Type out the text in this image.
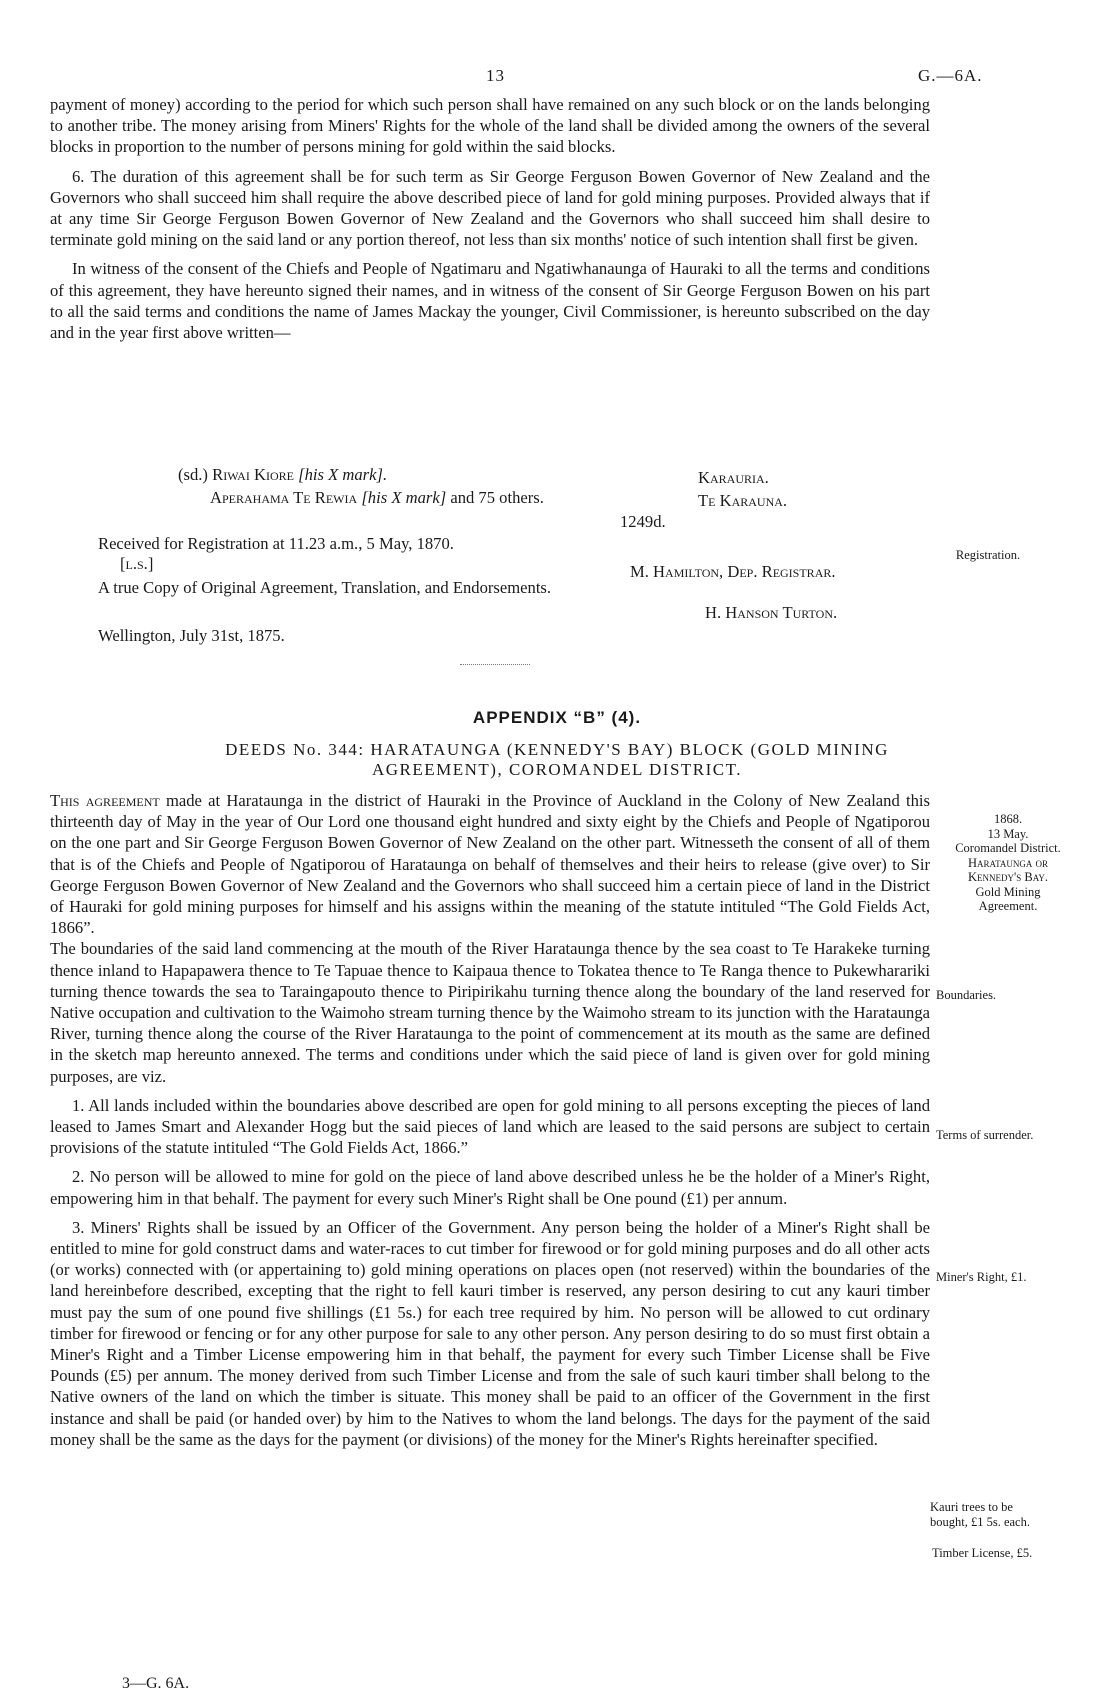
13	G.—6A.

payment of money) according to the period for which such person shall have remained on any such block or on the lands belonging to another tribe. The money arising from Miners' Rights for the whole of the land shall be divided among the owners of the several blocks in proportion to the number of persons mining for gold within the said blocks.

6. The duration of this agreement shall be for such term as Sir George Ferguson Bowen Governor of New Zealand and the Governors who shall succeed him shall require the above described piece of land for gold mining purposes. Provided always that if at any time Sir George Ferguson Bowen Governor of New Zealand and the Governors who shall succeed him shall desire to terminate gold mining on the said land or any portion thereof, not less than six months' notice of such intention shall first be given.

In witness of the consent of the Chiefs and People of Ngatimaru and Ngatiwhanaunga of Hauraki to all the terms and conditions of this agreement, they have hereunto signed their names, and in witness of the consent of Sir George Ferguson Bowen on his part to all the said terms and conditions the name of James Mackay the younger, Civil Commissioner, is hereunto subscribed on the day and in the year first above written—

(sd.) Riwai Kiore [his X mark].
Aperahama Te Rewia [his X mark] and 75 others.
Karauria.
Te Karauna.
1249d.
Received for Registration at 11.23 a.m., 5 May, 1870.
[l.s.]	M. Hamilton, Dep. Registrar.
A true Copy of Original Agreement, Translation, and Endorsements.
H. Hanson Turton.
Wellington, July 31st, 1875.
Registration.
APPENDIX “B” (4).
DEEDS No. 344: HARATAUNGA (KENNEDY'S BAY) BLOCK (GOLD MINING
AGREEMENT), COROMANDEL DISTRICT.

This agreement made at Harataunga in the district of Hauraki in the Province of Auckland in the Colony of New Zealand this thirteenth day of May in the year of Our Lord one thousand eight hundred and sixty eight by the Chiefs and People of Ngatiporou on the one part and Sir George Ferguson Bowen Governor of New Zealand on the other part. Witnesseth the consent of all of them that is of the Chiefs and People of Ngatiporou of Harataunga on behalf of themselves and their heirs to release (give over) to Sir George Ferguson Bowen Governor of New Zealand and the Governors who shall succeed him a certain piece of land in the District of Hauraki for gold mining purposes for himself and his assigns within the meaning of the statute intituled “The Gold Fields Act, 1866”.

The boundaries of the said land commencing at the mouth of the River Harataunga thence by the sea coast to Te Harakeke turning thence inland to Hapapawera thence to Te Tapuae thence to Kaipaua thence to Tokatea thence to Te Ranga thence to Pukewharariki turning thence towards the sea to Taraingapouto thence to Piripirikahu turning thence along the boundary of the land reserved for Native occupation and cultivation to the Waimoho stream turning thence by the Waimoho stream to its junction with the Harataunga River, turning thence along the course of the River Harataunga to the point of commencement at its mouth as the same are defined in the sketch map hereunto annexed. The terms and conditions under which the said piece of land is given over for gold mining purposes, are viz.

1. All lands included within the boundaries above described are open for gold mining to all persons excepting the pieces of land leased to James Smart and Alexander Hogg but the said pieces of land which are leased to the said persons are subject to certain provisions of the statute intituled “The Gold Fields Act, 1866.”

2. No person will be allowed to mine for gold on the piece of land above described unless he be the holder of a Miner's Right, empowering him in that behalf. The payment for every such Miner's Right shall be One pound (£1) per annum.

3. Miners' Rights shall be issued by an Officer of the Government. Any person being the holder of a Miner's Right shall be entitled to mine for gold construct dams and water-races to cut timber for firewood or for gold mining purposes and do all other acts (or works) connected with (or appertaining to) gold mining operations on places open (not reserved) within the boundaries of the land hereinbefore described, excepting that the right to fell kauri timber is reserved, any person desiring to cut any kauri timber must pay the sum of one pound five shillings (£1 5s.) for each tree required by him. No person will be allowed to cut ordinary timber for firewood or fencing or for any other purpose for sale to any other person. Any person desiring to do so must first obtain a Miner's Right and a Timber License empowering him in that behalf, the payment for every such Timber License shall be Five Pounds (£5) per annum. The money derived from such Timber License and from the sale of such kauri timber shall belong to the Native owners of the land on which the timber is situate. This money shall be paid to an officer of the Government in the first instance and shall be paid (or handed over) by him to the Natives to whom the land belongs. The days for the payment of the said money shall be the same as the days for the payment (or divisions) of the money for the Miner's Rights hereinafter specified.

1868.
13 May.
Coromandel District.
Harataunga or
Kennedy's Bay.
Gold Mining
Agreement.
Boundaries.
Terms of surrender.
Miner's Right, £1.
Kauri trees to be
bought, £1 5s. each.
Timber License, £5.
3—G. 6A.
